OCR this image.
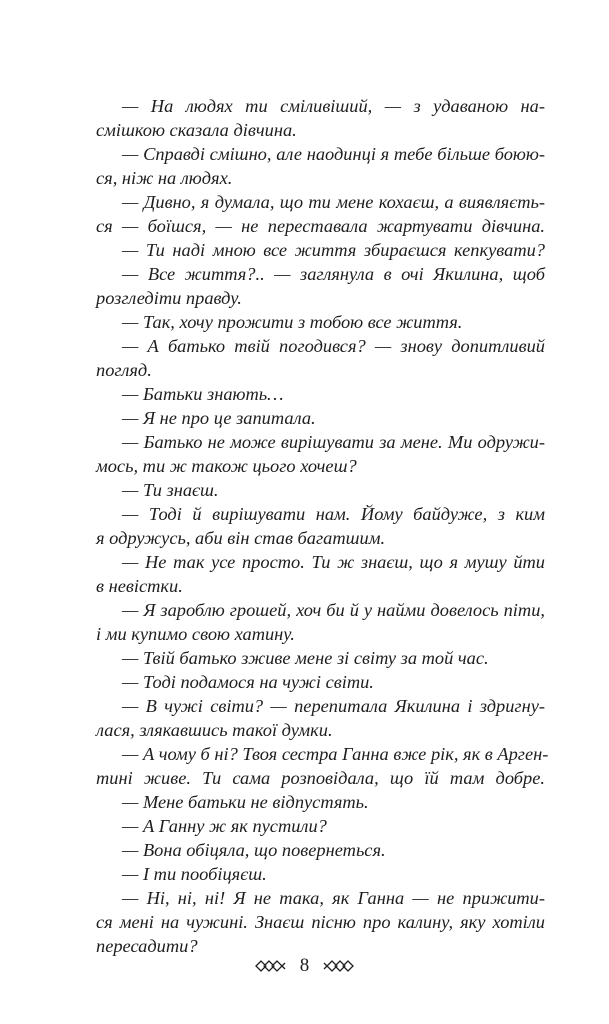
— На людях ти сміливіший, — з удаваною на-
смішкою сказала дівчина.
— Справді смішно, але наодинці я тебе більше боюю-
ся, ніж на людях.
— Дивно, я думала, що ти мене кохаєш, а виявляєть-
ся — боїшся, — не переставала жартувати дівчина.
— Ти наді мною все життя збираєшся кепкувати?
— Все життя?.. — заглянула в очі Якилина, щоб
розгледіти правду.
— Так, хочу прожити з тобою все життя.
— А батько твій погодився? — знову допитливий
погляд.
— Батьки знають…
— Я не про це запитала.
— Батько не може вирішувати за мене. Ми одружи-
мось, ти ж також цього хочеш?
— Ти знаєш.
— Тоді й вирішувати нам. Йому байдуже, з ким
я одружусь, аби він став багатшим.
— Не так усе просто. Ти ж знаєш, що я мушу йти
в невістки.
— Я зароблю грошей, хоч би й у найми довелось піти,
і ми купимо свою хатину.
— Твій батько зживе мене зі світу за той час.
— Тоді подамося на чужі світи.
— В чужі світи? — перепитала Якилина і здригну-
лася, злякавшись такої думки.
— А чому б ні? Твоя сестра Ганна вже рік, як в Арген-
тині живе. Ти сама розповідала, що їй там добре.
— Мене батьки не відпустять.
— А Ганну ж як пустили?
— Вона обіцяла, що повернеться.
— І ти пообіцяєш.
— Ні, ні, ні! Я не така, як Ганна — не прижити-
ся мені на чужині. Знаєш пісню про калину, яку хотіли
пересадити?
8
